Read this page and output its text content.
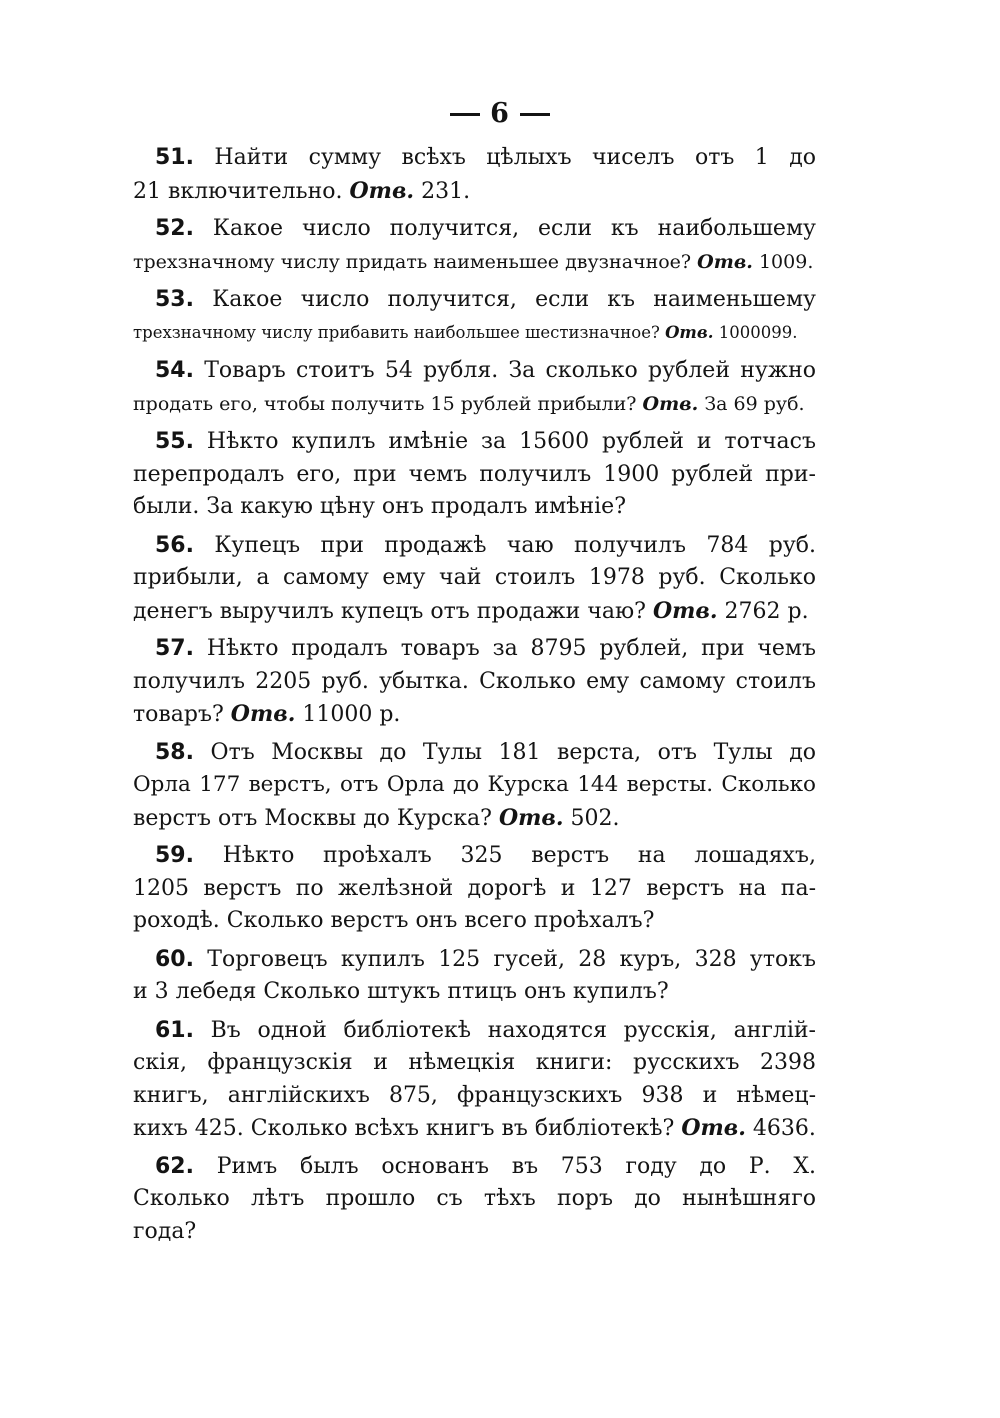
6
51. Найти сумму всѣхъ цѣлыхъ чиселъ отъ 1 до
21 включительно. Отв. 231.
52. Какое число получится, если къ наибольшему
трехзначному числу придать наименьшее двузначное? Отв. 1009.
53. Какое число получится, если къ наименьшему
трехзначному числу прибавить наибольшее шестизначное? Отв. 1000099.
54. Товаръ стоитъ 54 рубля. За сколько рублей нужно
продать его, чтобы получить 15 рублей прибыли? Отв. За 69 руб.
55. Нѣкто купилъ имѣніе за 15600 рублей и тотчасъ
перепродалъ его, при чемъ получилъ 1900 рублей при-
были. За какую цѣну онъ продалъ имѣніе?
56. Купецъ при продажѣ чаю получилъ 784 руб.
прибыли, а самому ему чай стоилъ 1978 руб. Сколько
денегъ выручилъ купецъ отъ продажи чаю? Отв. 2762 р.
57. Нѣкто продалъ товаръ за 8795 рублей, при чемъ
получилъ 2205 руб. убытка. Сколько ему самому стоилъ
товаръ? Отв. 11000 р.
58. Отъ Москвы до Тулы 181 верста, отъ Тулы до
Орла 177 верстъ, отъ Орла до Курска 144 версты. Сколько
верстъ отъ Москвы до Курска? Отв. 502.
59. Нѣкто проѣхалъ 325 верстъ на лошадяхъ,
1205 верстъ по желѣзной дорогѣ и 127 верстъ на па-
роходѣ. Сколько верстъ онъ всего проѣхалъ?
60. Торговецъ купилъ 125 гусей, 28 куръ, 328 утокъ
и 3 лебедя Сколько штукъ птицъ онъ купилъ?
61. Въ одной библіотекѣ находятся русскія, англій-
скія, французскія и нѣмецкія книги: русскихъ 2398
книгъ, англійскихъ 875, французскихъ 938 и нѣмец-
кихъ 425. Сколько всѣхъ книгъ въ библіотекѣ? Отв. 4636.
62. Римъ былъ основанъ въ 753 году до Р. Х.
Сколько лѣтъ прошло съ тѣхъ поръ до нынѣшняго
года?
